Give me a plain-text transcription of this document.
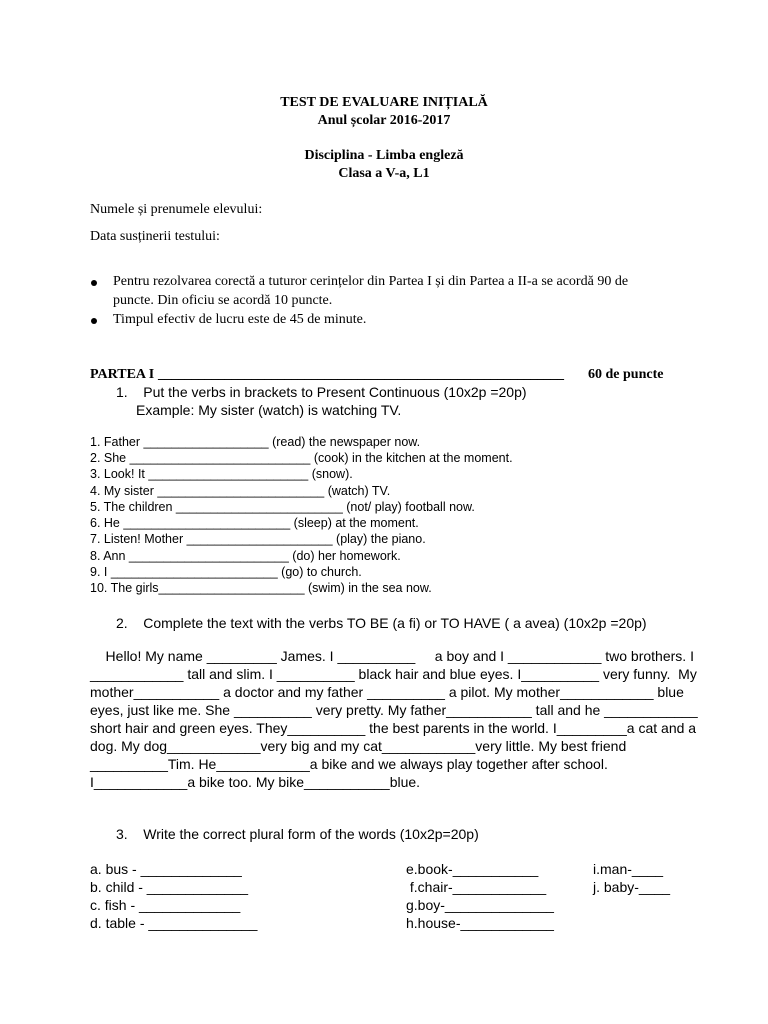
TEST DE EVALUARE INIȚIALĂ
Anul școlar 2016-2017
Disciplina - Limba engleză
Clasa a V-a, L1
Numele și prenumele elevului:
Data susținerii testului:
Pentru rezolvarea corectă a tuturor cerințelor din Partea I și din Partea a II-a se acordă 90 de
puncte. Din oficiu se acordă 10 puncte.
Timpul efectiv de lucru este de 45 de minute.
PARTEA I _____________________________________________________________ 60 de puncte
1.    Put the verbs in brackets to Present Continuous (10x2p =20p)
Example: My sister (watch) is watching TV.
1. Father __________________ (read) the newspaper now.
2. She __________________________ (cook) in the kitchen at the moment.
3. Look! It _______________________ (snow).
4. My sister ________________________ (watch) TV.
5. The children ________________________ (not/ play) football now.
6. He ________________________ (sleep) at the moment.
7. Listen! Mother _____________________ (play) the piano.
8. Ann _______________________ (do) her homework.
9. I ________________________ (go) to church.
10. The girls_____________________ (swim) in the sea now.
2.    Complete the text with the verbs TO BE (a fi) or TO HAVE ( a avea) (10x2p =20p)
Hello! My name _________ James. I __________     a boy and I ____________ two brothers. I
____________ tall and slim. I __________ black hair and blue eyes. I__________ very funny.  My
mother___________ a doctor and my father __________ a pilot. My mother____________ blue
eyes, just like me. She __________ very pretty. My father___________ tall and he ____________
short hair and green eyes. They__________ the best parents in the world. I_________a cat and a
dog. My dog____________very big and my cat____________very little. My best friend
__________Tim. He____________a bike and we always play together after school.
I____________a bike too. My bike___________blue.
3.    Write the correct plural form of the words (10x2p=20p)
a. bus - _____________
b. child - _____________
c. fish - _____________
d. table - ______________
e.book-___________
f.chair-____________
g.boy-______________
h.house-____________
i.man-____
j. baby-____
